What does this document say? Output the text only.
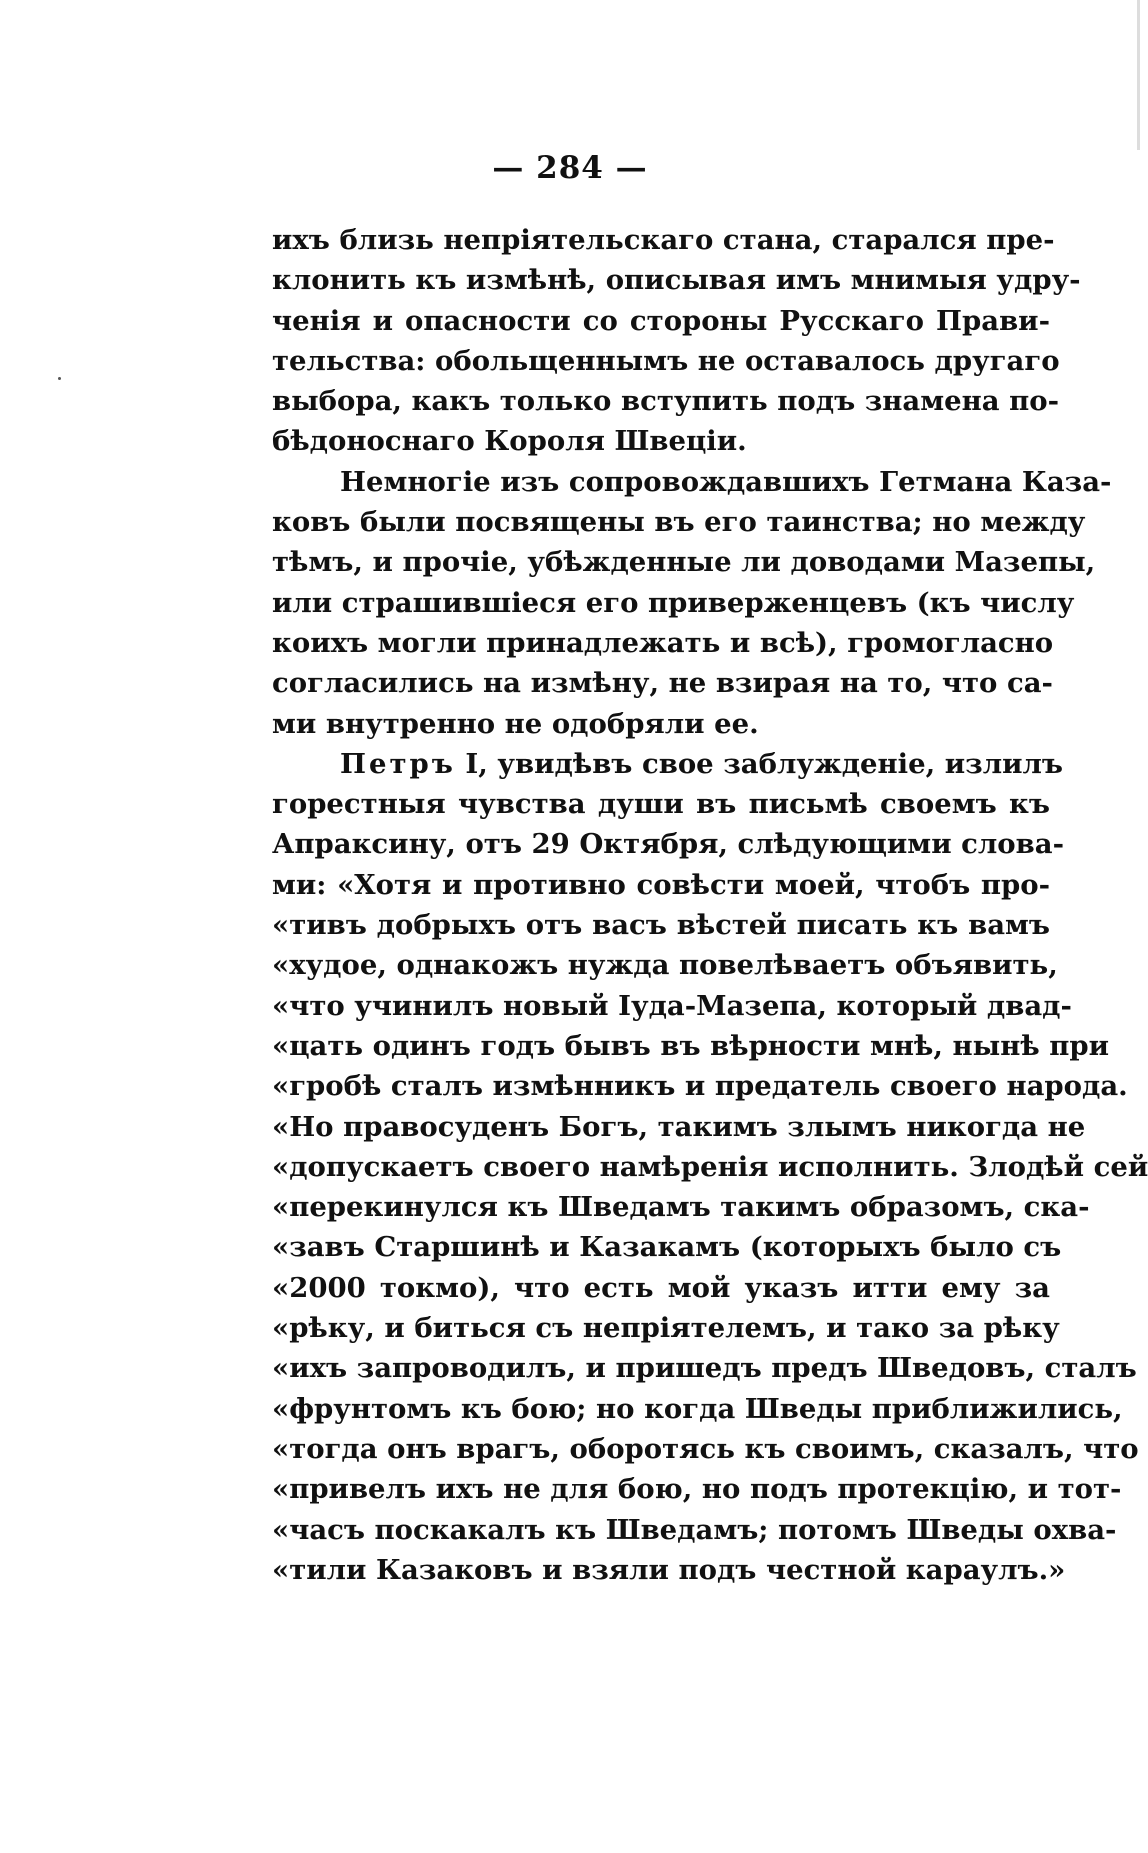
— 284 —
ихъ близь непріятельскаго стана, старался пре-
клонить къ измѣнѣ, описывая имъ мнимыя удру-
ченія и опасности со стороны Русскаго Прави-
тельства: обольщеннымъ не оставалось другаго
выбора, какъ только вступить подъ знамена по-
бѣдоноснаго Короля Швеціи.
Немногіе изъ сопровождавшихъ Гетмана Каза-
ковъ были посвящены въ его таинства; но между
тѣмъ, и прочіе, убѣжденные ли доводами Мазепы,
или страшившіеся его приверженцевъ (къ числу
коихъ могли принадлежать и всѣ), громогласно
согласились на измѣну, не взирая на то, что са-
ми внутренно не одобряли ее.
Петръ I, увидѣвъ свое заблужденіе, излилъ
горестныя чувства души въ письмѣ своемъ къ
Апраксину, отъ 29 Октября, слѣдующими слова-
ми: «Хотя и противно совѣсти моей, чтобъ про-
«тивъ добрыхъ отъ васъ вѣстей писать къ вамъ
«худое, однакожъ нужда повелѣваетъ объявить,
«что учинилъ новый Іуда-Мазепа, который двад-
«цать одинъ годъ бывъ въ вѣрности мнѣ, нынѣ при
«гробѣ сталъ измѣнникъ и предатель своего народа.
«Но правосуденъ Богъ, такимъ злымъ никогда не
«допускаетъ своего намѣренія исполнить. Злодѣй сей
«перекинулся къ Шведамъ такимъ образомъ, ска-
«завъ Старшинѣ и Казакамъ (которыхъ было съ
«2000 токмо), что есть мой указъ итти ему за
«рѣку, и биться съ непріятелемъ, и тако за рѣку
«ихъ запроводилъ, и пришедъ предъ Шведовъ, сталъ
«фрунтомъ къ бою; но когда Шведы приближились,
«тогда онъ врагъ, оборотясь къ своимъ, сказалъ, что
«привелъ ихъ не для бою, но подъ протекцію, и тот-
«часъ поскакалъ къ Шведамъ; потомъ Шведы охва-
«тили Казаковъ и взяли подъ честной караулъ.»
